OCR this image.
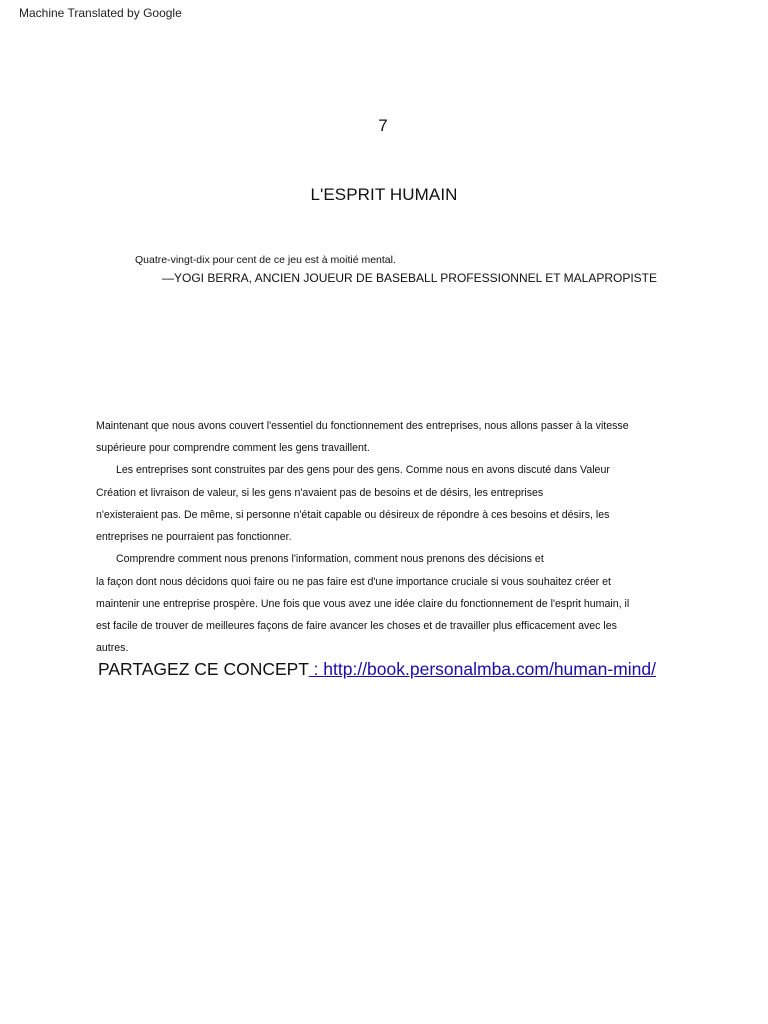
Machine Translated by Google
7
L'ESPRIT HUMAIN
Quatre-vingt-dix pour cent de ce jeu est à moitié mental.
—YOGI BERRA, ANCIEN JOUEUR DE BASEBALL PROFESSIONNEL ET MALAPROPISTE
Maintenant que nous avons couvert l'essentiel du fonctionnement des entreprises, nous allons passer à la vitesse
supérieure pour comprendre comment les gens travaillent.
Les entreprises sont construites par des gens pour des gens. Comme nous en avons discuté dans Valeur
Création et livraison de valeur, si les gens n'avaient pas de besoins et de désirs, les entreprises
n'existeraient pas. De même, si personne n'était capable ou désireux de répondre à ces besoins et désirs, les
entreprises ne pourraient pas fonctionner.
Comprendre comment nous prenons l'information, comment nous prenons des décisions et
la façon dont nous décidons quoi faire ou ne pas faire est d'une importance cruciale si vous souhaitez créer et
maintenir une entreprise prospère. Une fois que vous avez une idée claire du fonctionnement de l'esprit humain, il
est facile de trouver de meilleures façons de faire avancer les choses et de travailler plus efficacement avec les
autres.
PARTAGEZ CE CONCEPT : http://book.personalmba.com/human-mind/
